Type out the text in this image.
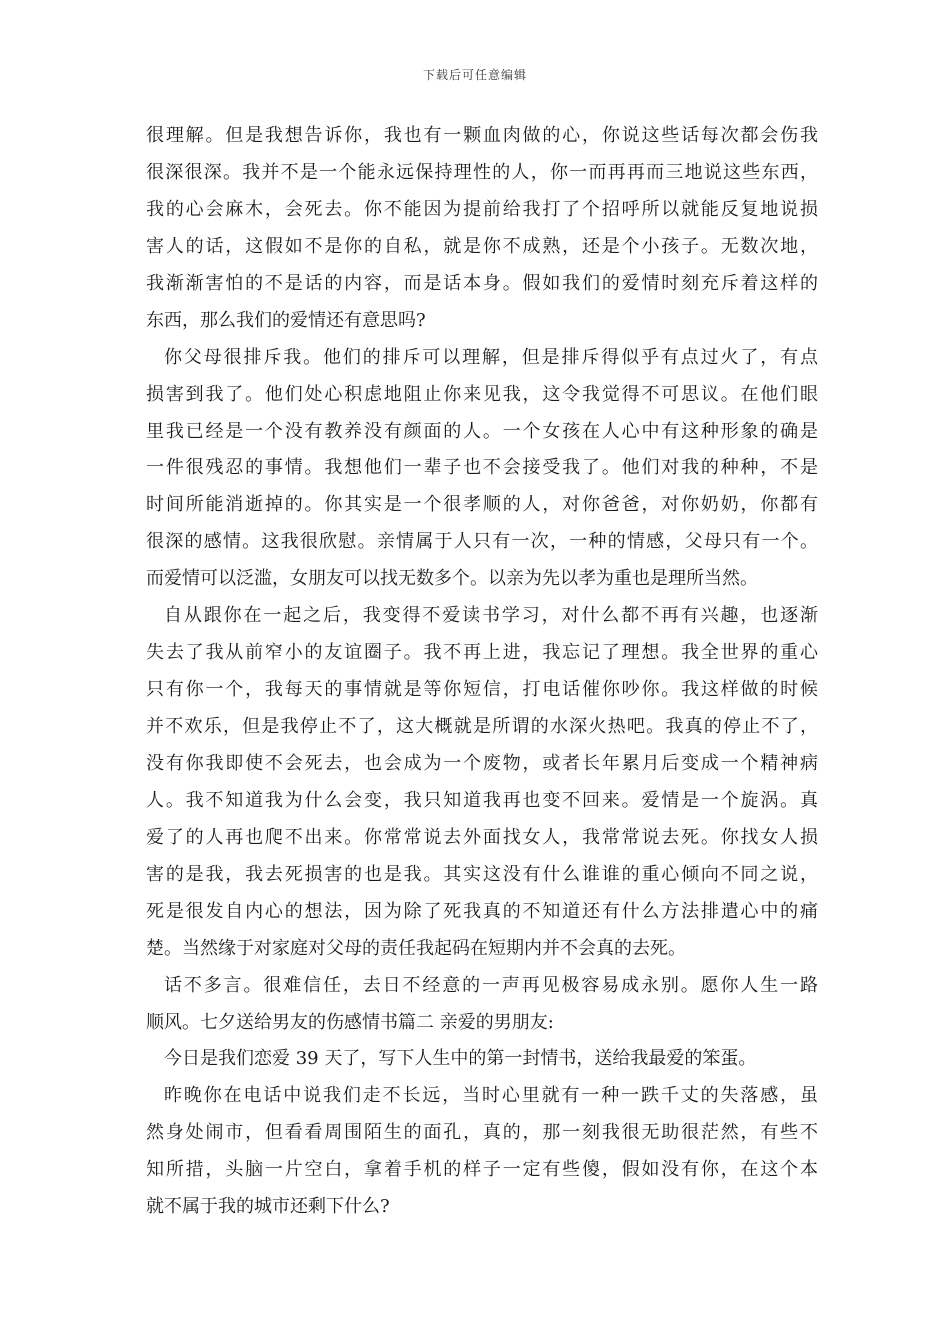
下载后可任意编辑
很理解。但是我想告诉你，我也有一颗血肉做的心，你说这些话每次都会伤我
很深很深。我并不是一个能永远保持理性的人，你一而再再而三地说这些东西，
我的心会麻木，会死去。你不能因为提前给我打了个招呼所以就能反复地说损
害人的话，这假如不是你的自私，就是你不成熟，还是个小孩子。无数次地，
我渐渐害怕的不是话的内容，而是话本身。假如我们的爱情时刻充斥着这样的
东西，那么我们的爱情还有意思吗?
你父母很排斥我。他们的排斥可以理解，但是排斥得似乎有点过火了，有点
损害到我了。他们处心积虑地阻止你来见我，这令我觉得不可思议。在他们眼
里我已经是一个没有教养没有颜面的人。一个女孩在人心中有这种形象的确是
一件很残忍的事情。我想他们一辈子也不会接受我了。他们对我的种种，不是
时间所能消逝掉的。你其实是一个很孝顺的人，对你爸爸，对你奶奶，你都有
很深的感情。这我很欣慰。亲情属于人只有一次，一种的情感，父母只有一个。
而爱情可以泛滥，女朋友可以找无数多个。以亲为先以孝为重也是理所当然。
自从跟你在一起之后，我变得不爱读书学习，对什么都不再有兴趣，也逐渐
失去了我从前窄小的友谊圈子。我不再上进，我忘记了理想。我全世界的重心
只有你一个，我每天的事情就是等你短信，打电话催你吵你。我这样做的时候
并不欢乐，但是我停止不了，这大概就是所谓的水深火热吧。我真的停止不了，
没有你我即使不会死去，也会成为一个废物，或者长年累月后变成一个精神病
人。我不知道我为什么会变，我只知道我再也变不回来。爱情是一个旋涡。真
爱了的人再也爬不出来。你常常说去外面找女人，我常常说去死。你找女人损
害的是我，我去死损害的也是我。其实这没有什么谁谁的重心倾向不同之说，
死是很发自内心的想法，因为除了死我真的不知道还有什么方法排遣心中的痛
楚。当然缘于对家庭对父母的责任我起码在短期内并不会真的去死。
话不多言。很难信任，去日不经意的一声再见极容易成永别。愿你人生一路
顺风。七夕送给男友的伤感情书篇二 亲爱的男朋友:
今日是我们恋爱 39 天了，写下人生中的第一封情书，送给我最爱的笨蛋。
昨晚你在电话中说我们走不长远，当时心里就有一种一跌千丈的失落感，虽
然身处闹市，但看看周围陌生的面孔，真的，那一刻我很无助很茫然，有些不
知所措，头脑一片空白，拿着手机的样子一定有些傻，假如没有你，在这个本
就不属于我的城市还剩下什么?
